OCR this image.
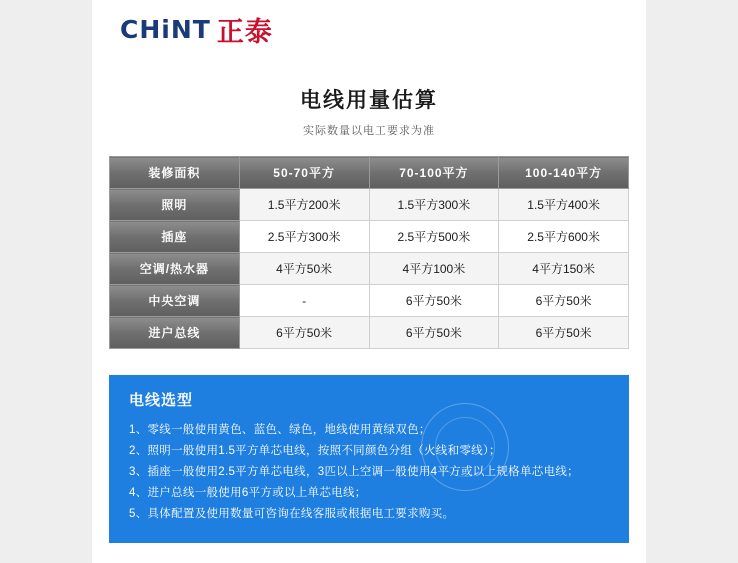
CHiNT 正泰
电线用量估算
实际数量以电工要求为准
装修面积	50-70平方	70-100平方	100-140平方
照明	1.5平方200米	1.5平方300米	1.5平方400米
插座	2.5平方300米	2.5平方500米	2.5平方600米
空调/热水器	4平方50米	4平方100米	4平方150米
中央空调	-	6平方50米	6平方50米
进户总线	6平方50米	6平方50米	6平方50米
电线选型
1、零线一般使用黄色、蓝色、绿色，地线使用黄绿双色；
2、照明一般使用1.5平方单芯电线，按照不同颜色分组（火线和零线）；
3、插座一般使用2.5平方单芯电线，3匹以上空调一般使用4平方或以上规格单芯电线；
4、进户总线一般使用6平方或以上单芯电线；
5、具体配置及使用数量可咨询在线客服或根据电工要求购买。
